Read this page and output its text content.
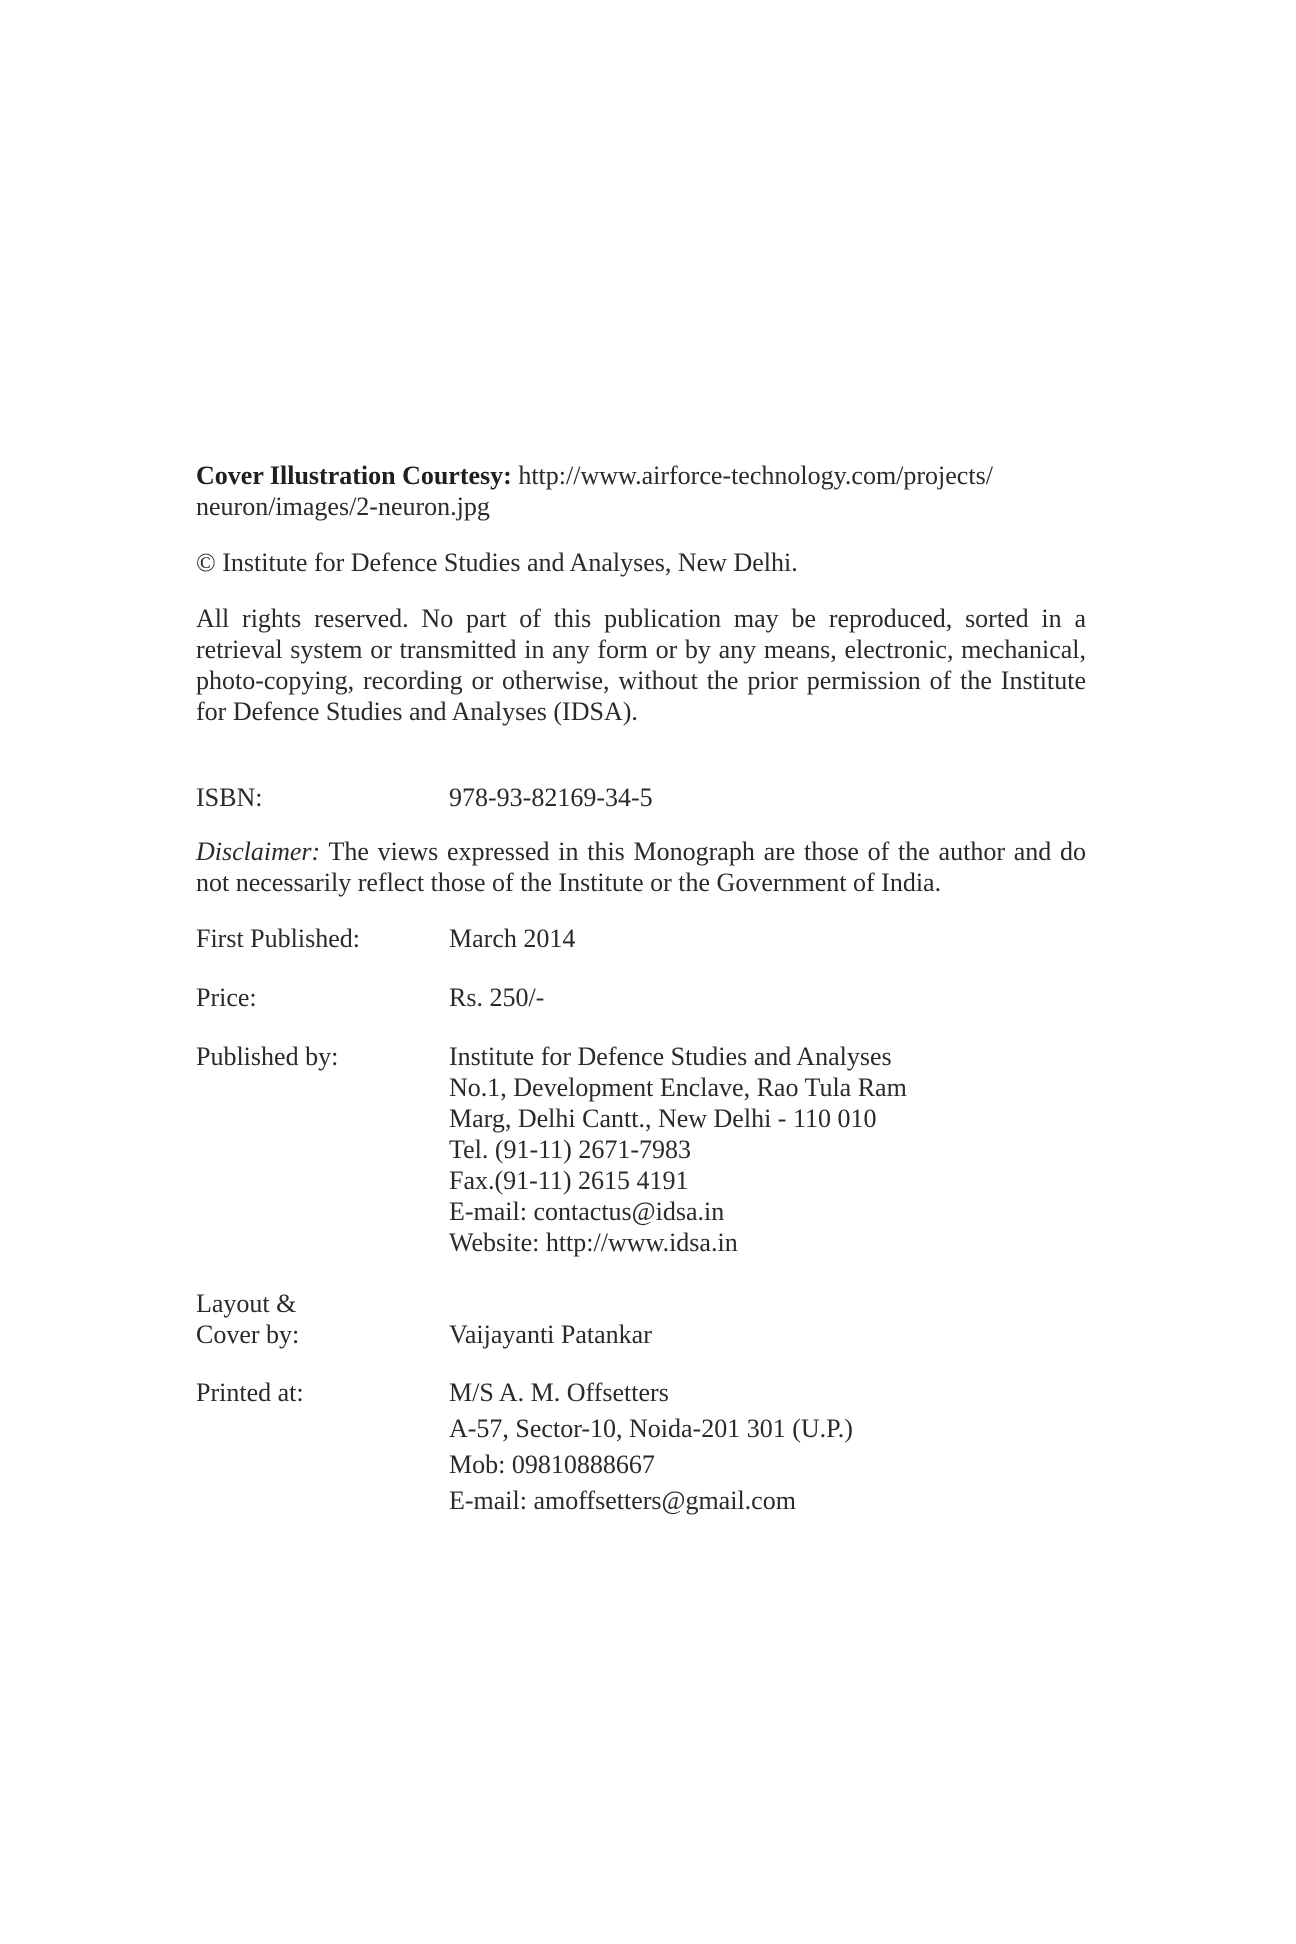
Cover Illustration Courtesy: http://www.airforce-technology.com/projects/
neuron/images/2-neuron.jpg

© Institute for Defence Studies and Analyses, New Delhi.

All rights reserved. No part of this publication may be reproduced, sorted in a retrieval system or transmitted in any form or by any means, electronic, mechanical, photo-copying, recording or otherwise, without the prior permission of the Institute for Defence Studies and Analyses (IDSA).

ISBN:	978-93-82169-34-5

Disclaimer: The views expressed in this Monograph are those of the author and do not necessarily reflect those of the Institute or the Government of India.

First Published:	March 2014
Price:	Rs. 250/-
Published by:	Institute for Defence Studies and Analyses
No.1, Development Enclave, Rao Tula Ram
Marg, Delhi Cantt., New Delhi - 110 010
Tel. (91-11) 2671-7983
Fax.(91-11) 2615 4191
E-mail: contactus@idsa.in
Website: http://www.idsa.in
Layout &
Cover by:
	Vaijayanti Patankar
Printed at:	M/S A. M. Offsetters
A-57, Sector-10, Noida-201 301 (U.P.)
Mob: 09810888667
E-mail: amoffsetters@gmail.com
